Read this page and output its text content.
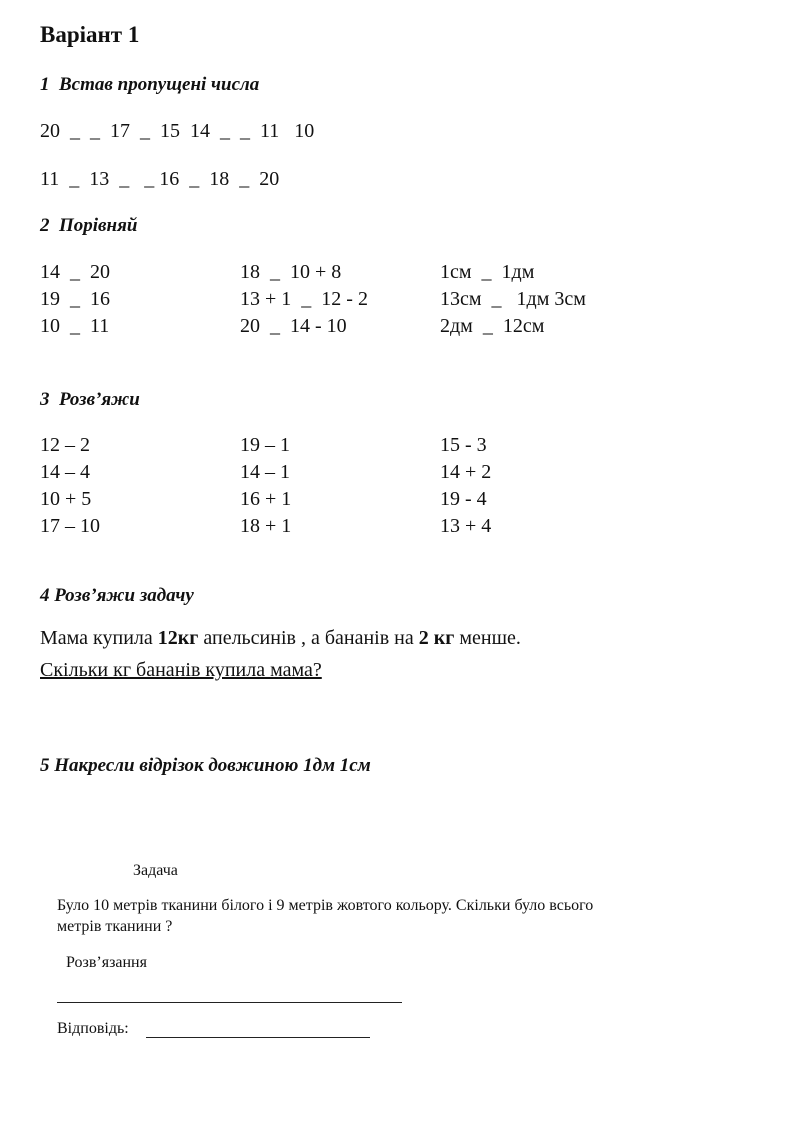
Варіант 1
1  Встав пропущені числа
20  _  _  17  _  15  14  _  _  11   10
11  _  13  _   _ 16  _  18  _  20
2  Порівняй
14  _  20
19  _  16
10  _  11
18  _  10 + 8
13 + 1  _  12 - 2
20  _  14 - 10
1см  _  1дм
13см  _   1дм 3см
2дм  _  12см
3  Розв’яжи
12 – 2
14 – 4
10 + 5
17 – 10
19 – 1
14 – 1
16 + 1
18 + 1
15 - 3
14 + 2
19 - 4
13 + 4
4 Розв’яжи задачу
Мама купила 12кг апельсинів , а бананів на 2 кг менше.
Скільки кг бананів купила мама?
5 Накресли відрізок довжиною 1дм 1см
Задача
Було 10 метрів тканини білого і 9 метрів жовтого кольору. Скільки було всього
метрів тканини ?
Розв’язання
Відповідь:
